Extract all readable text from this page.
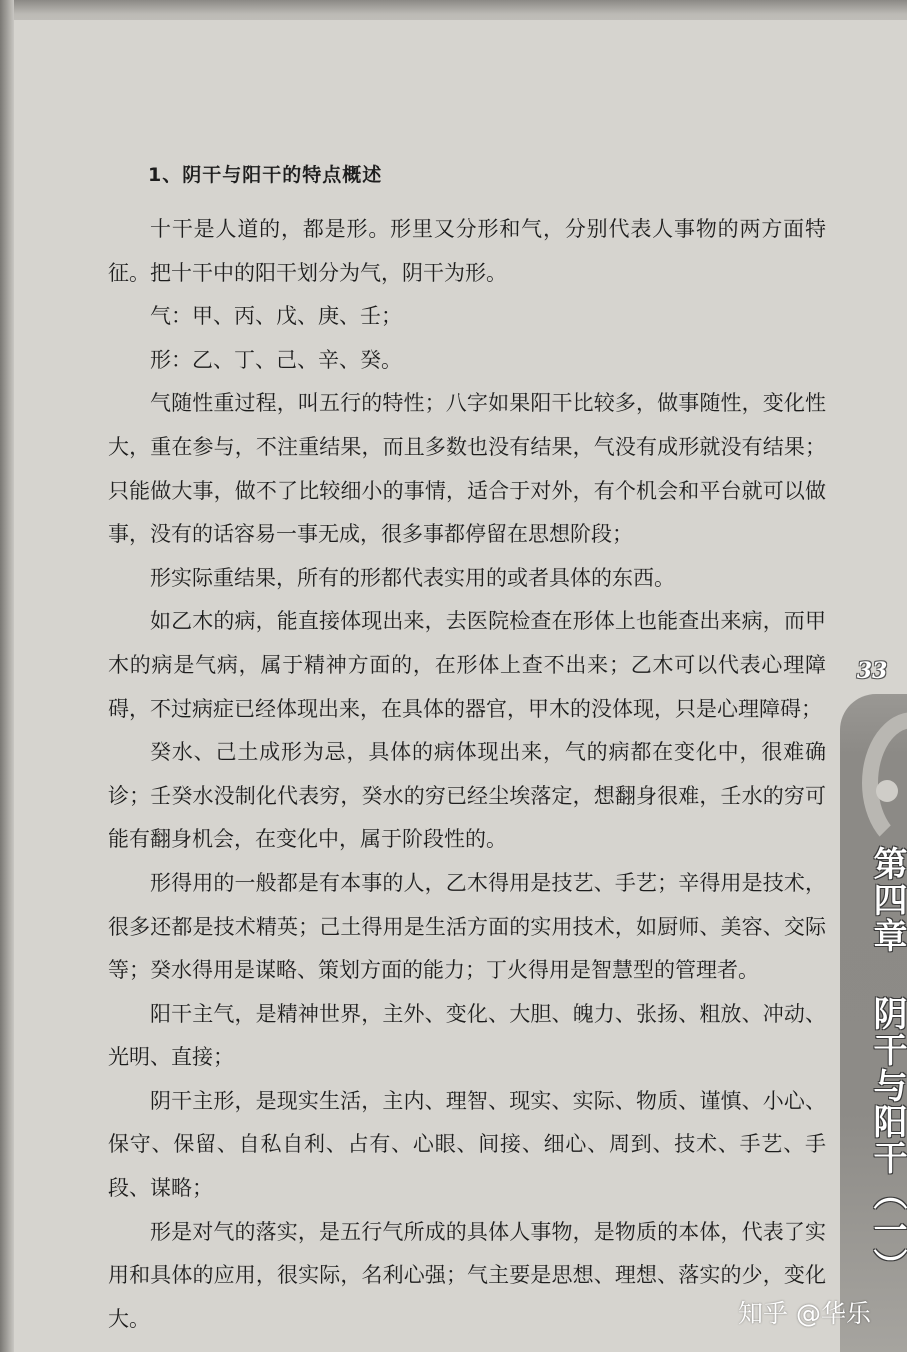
1、阴干与阳干的特点概述

十干是人道的，都是形。形里又分形和气，分别代表人事物的两方面特征。把十干中的阳干划分为气，阴干为形。

气：甲、丙、戊、庚、壬；

形：乙、丁、己、辛、癸。

气随性重过程，叫五行的特性；八字如果阳干比较多，做事随性，变化性大，重在参与，不注重结果，而且多数也没有结果，气没有成形就没有结果；只能做大事，做不了比较细小的事情，适合于对外，有个机会和平台就可以做事，没有的话容易一事无成，很多事都停留在思想阶段；

形实际重结果，所有的形都代表实用的或者具体的东西。

如乙木的病，能直接体现出来，去医院检查在形体上也能查出来病，而甲木的病是气病，属于精神方面的，在形体上查不出来；乙木可以代表心理障碍，不过病症已经体现出来，在具体的器官，甲木的没体现，只是心理障碍；

癸水、己土成形为忌，具体的病体现出来，气的病都在变化中，很难确诊；壬癸水没制化代表穷，癸水的穷已经尘埃落定，想翻身很难，壬水的穷可能有翻身机会，在变化中，属于阶段性的。

形得用的一般都是有本事的人，乙木得用是技艺、手艺；辛得用是技术，很多还都是技术精英；己土得用是生活方面的实用技术，如厨师、美容、交际等；癸水得用是谋略、策划方面的能力；丁火得用是智慧型的管理者。

阳干主气，是精神世界，主外、变化、大胆、魄力、张扬、粗放、冲动、光明、直接；

阴干主形，是现实生活，主内、理智、现实、实际、物质、谨慎、小心、保守、保留、自私自利、占有、心眼、间接、细心、周到、技术、手艺、手段、谋略；

形是对气的落实，是五行气所成的具体人事物，是物质的本体，代表了实用和具体的应用，很实际，名利心强；气主要是思想、理想、落实的少，变化大。

33
第四章 阴干与阳干（一）
知乎 @华乐
